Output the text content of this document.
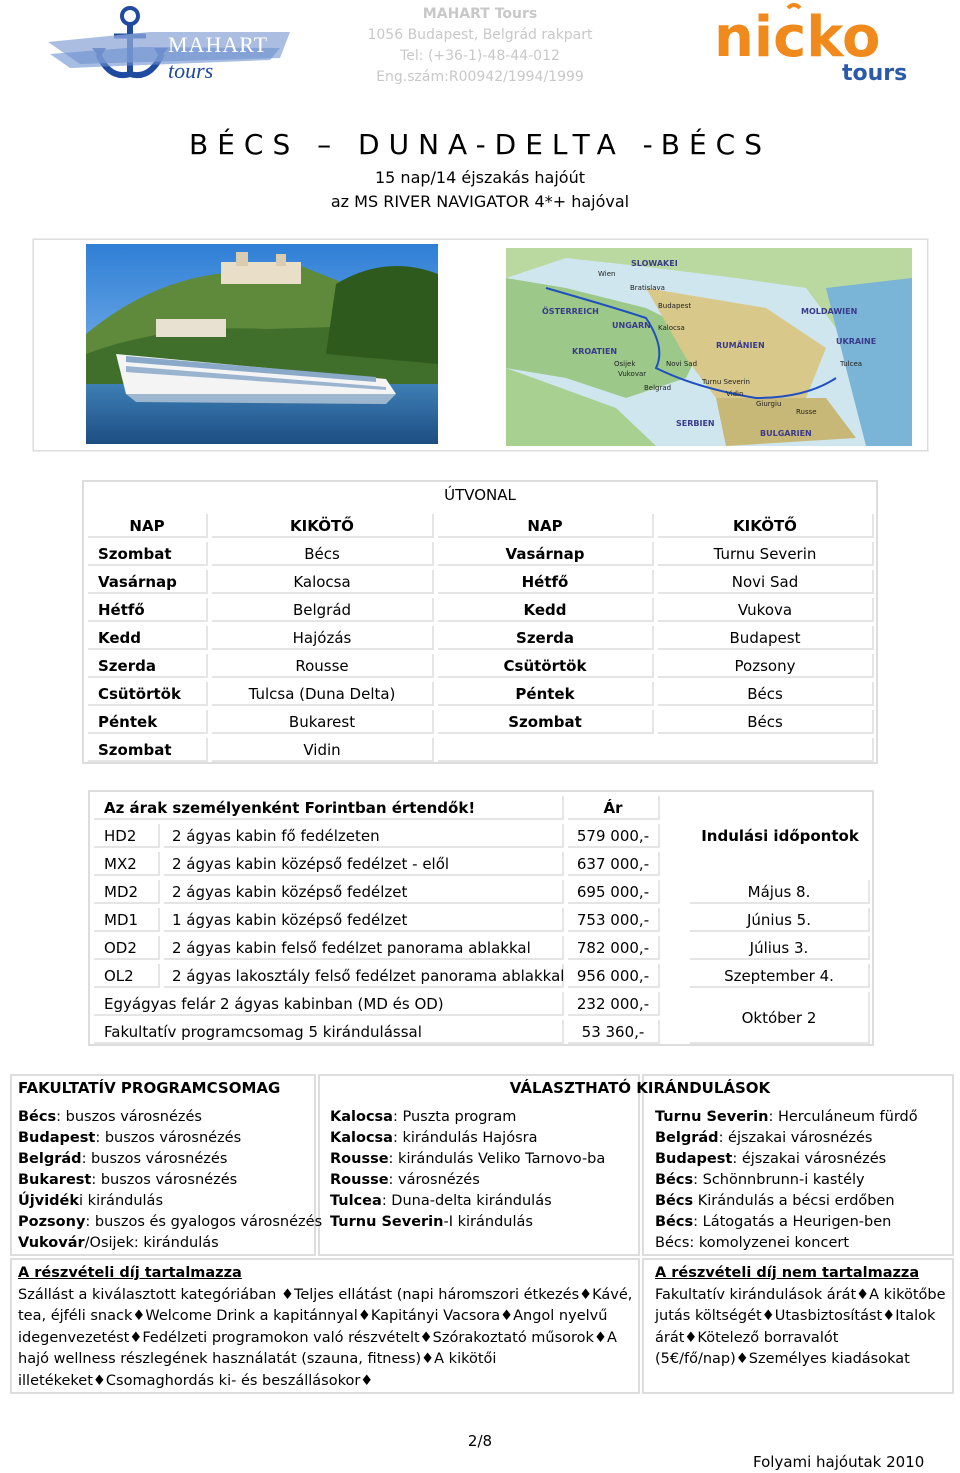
MAHART
tours
MAHART Tours
1056 Budapest, Belgrád rakpart
Tel: (+36-1)-48-44-012
Eng.szám:R00942/1994/1999
nicko
tours
BÉCS – DUNA-DELTA -BÉCS
15 nap/14 éjszakás hajóút
az MS RIVER NAVIGATOR 4*+ hajóval
SLOWAKEI
ÖSTERREICH
UNGARN
MOLDAWIEN
UKRAINE
KROATIEN
RUMÄNIEN
SERBIEN
BULGARIEN
Wien
Bratislava
Budapest
Kalocsa
Osijek
Vukovar
Novi Sad
Belgrad
Turnu Severin
Vidin
Giurgiu
Russe
Tulcea
ÚTVONAL
NAP	KIKÖTŐ	NAP	KIKÖTŐ
Szombat	Bécs	Vasárnap	Turnu Severin
Vasárnap	Kalocsa	Hétfő	Novi Sad
Hétfő	Belgrád	Kedd	Vukova
Kedd	Hajózás	Szerda	Budapest
Szerda	Rousse	Csütörtök	Pozsony
Csütörtök	Tulcsa (Duna Delta)	Péntek	Bécs
Péntek	Bukarest	Szombat	Bécs
Szombat	Vidin
Az árak személyenként Forintban értendők!	Ár
Indulási időpontok
HD2	2 ágyas kabin fő fedélzeten	579 000,-
MX2	2 ágyas kabin középső fedélzet - elől	637 000,-
MD2	2 ágyas kabin középső fedélzet	695 000,-
MD1	1 ágyas kabin középső fedélzet	753 000,-
OD2	2 ágyas kabin felső fedélzet panorama ablakkal	782 000,-
OL2	2 ágyas lakosztály felső fedélzet panorama ablakkal 956 000,-
Egyágyas felár 2 ágyas kabinban (MD és OD)	232 000,-
Fakultatív programcsomag 5 kirándulással	53 360,-
Május 8.
Június 5.
Július 3.
Szeptember 4.
Október 2
FAKULTATÍV PROGRAMCSOMAG	VÁLASZTHATÓ KIRÁNDULÁSOK
Bécs: buszos városnézés
Budapest: buszos városnézés
Belgrád: buszos városnézés
Bukarest: buszos városnézés
Újvidéki kirándulás
Pozsony: buszos és gyalogos városnézés
Vukovár/Osijek: kirándulás
Kalocsa: Puszta program
Kalocsa: kirándulás Hajósra
Rousse: kirándulás Veliko Tarnovo-ba
Rousse: városnézés
Tulcea: Duna-delta kirándulás
Turnu Severin-I kirándulás
Turnu Severin: Herculáneum fürdő
Belgrád: éjszakai városnézés
Budapest: éjszakai városnézés
Bécs: Schönnbrunn-i kastély
Bécs Kirándulás a bécsi erdőben
Bécs: Látogatás a Heurigen-ben
Bécs: komolyzenei koncert
A részvételi díj tartalmazza
Szállást a kiválasztott kategóriában ♦Teljes ellátást (napi háromszori étkezés♦Kávé,
tea, éjféli snack♦Welcome Drink a kapitánnyal♦Kapitányi Vacsora♦Angol nyelvű
idegenvezetést♦Fedélzeti programokon való részvételt♦Szórakoztató műsorok♦A
hajó wellness részlegének használatát (szauna, fitness)♦A kikötői
illetékeket♦Csomaghordás ki- és beszállásokor♦
A részvételi díj nem tartalmazza
Fakultatív kirándulások árát♦A kikötőbe
jutás költségét♦Utasbiztosítást♦Italok
árát♦Kötelező borravalót
(5€/fő/nap)♦Személyes kiadásokat
2/8
Folyami hajóutak 2010
